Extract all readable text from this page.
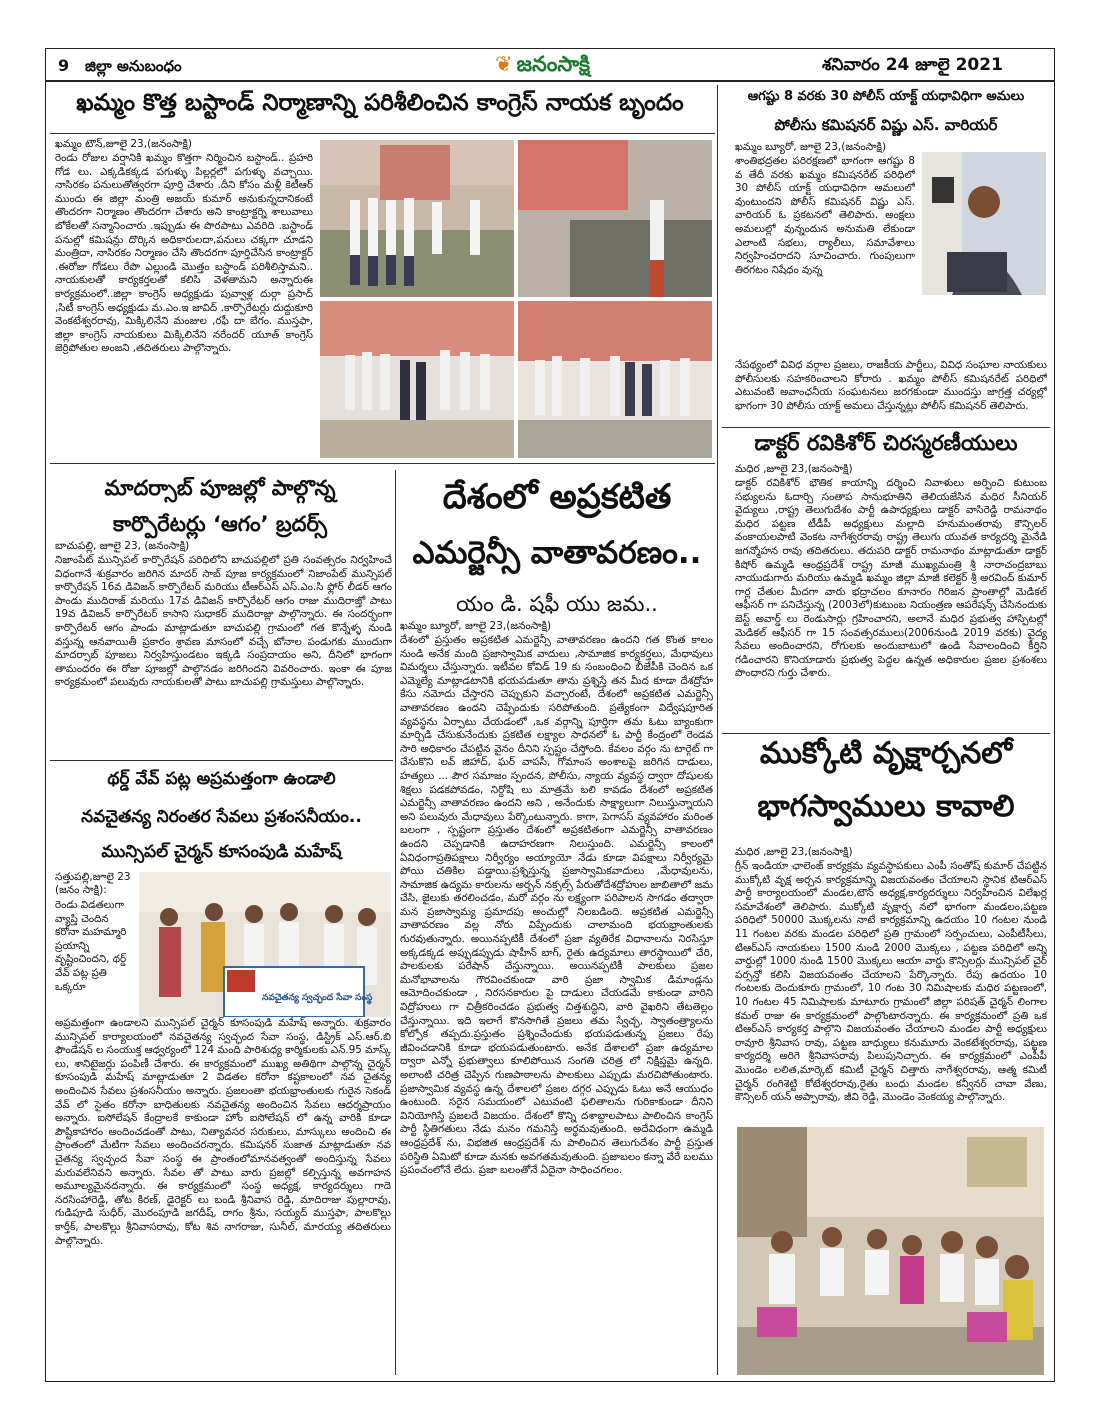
9 జిల్లా అనుబంధం	❦ జనంసాక్షి	శనివారం 24 జూలై 2021
ఖమ్మం కొత్త బస్టాండ్ నిర్మాణాన్ని పరిశీలించిన కాంగ్రెస్ నాయక బృందం
ఖమ్మం టౌన్,జూలై 23,(జనంసాక్షి)
రెండు రోజుల వర్షానికి ఖమ్మం కొత్తగా నిర్మించిన బస్టాండ్.. ప్రహరి గోడ లు. ఎక్కడికక్కడ పగుళ్ళు పిల్లర్లలో పగుళ్ళు వచ్చాయి. నాసిరకం పనులుతోత్వరగా పూర్తి చేశారు .దీని కోసం మళ్లీ కెటీఆర్ ముందు ఈ జిల్లా మంత్రి అజయ్ కుమార్ అనుకున్నదానికంటే తొందరగా నిర్మాణం తొందరగా చేశారు అని కాంట్రాక్టర్ని శాలువాలు బోకేలతో సన్మానించారు .ఇప్పుడు ఈ పొరపాటు ఎవరిది .బస్టాండ్ పనుల్లో కమిషన్లు దొర్కిన అధికారులదా,పనులు చక్కగా చూడని మంత్రిదా, నాసిరకం నిర్మాణం చేసి తొందరగా పూర్తిచేసిన కాంట్రాక్టర్ .ఈరోజు గోడలు రేపొ ఎల్లుండి మొత్తం బస్టాండ్ పరిశీలిస్తామని.. నాయకులతో కార్యకర్తలతో కలిసి వెళతామని అన్నారుఈ కార్యక్రమంలో..జిల్లా కాంగ్రెస్ అధ్యక్షుడు పువ్వాళ్ల దుర్గా ప్రసాద్ ,సిటీ కాంగ్రెస్ అధ్యక్షుడు మ.ఎం.ఇ జావిద్ .కార్పొరేటర్లు దుద్దుకూరి వెంకటేశ్వరరావు, మిక్కిలినేని మంజుల ,రఫీ దా బేగం. ముస్తఫా, జిల్లా కాంగ్రెస్ నాయకులు మిక్కిలినేని నరేందర్ యూత్ కాంగ్రెస్ జెర్రిపోతుల అంజని ,తదితరులు పాల్గొన్నారు.
ఆగష్టు 8 వరకు 30 పోలీస్ యాక్ట్ యధావిధిగా అమలు
పోలీసు కమిషనర్ విష్ణు ఎస్. వారియర్
ఖమ్మం బ్యూరో, జూలై 23,(జనంసాక్షి)
శాంతిభద్రతల పరిరక్షణలో భాగంగా ఆగష్టు 8 వ తేదీ వరకు ఖమ్మం కమిషనరేట్ పరిధిలో 30 పోలీస్ యాక్ట్ యధావిధిగా అమలులో వుంటుందని పోలీస్ కమిషనర్ విష్ణు ఎస్. వారియర్ ఓ ప్రకటనలో తెలిపారు. అంక్షలు అమలుల్లో వున్నందున అనుమతి లేకుండా ఎలాంటి సభలు, ర్యాలీలు, సమావేశాలు నిర్వహించరాదని సూచించారు. గుంపులుగా తిరగటం నిషేధం వున్న
నేపథ్యంలో వివిధ వర్గాల ప్రజలు, రాజకీయ పార్టీలు, వివిధ సంఘాల నాయకులు పోలీసులకు సహకరించాలని కోరారు . ఖమ్మం పోలీస్ కమిషనరేట్ పరిధిలో ఎటువంటి అవాంఛనీయ సంఘటనలు జరగకుండా ముందస్తు జాగ్రత్త చర్యల్లో భాగంగా 30 పోలీసు యాక్ట్ అమలు చేస్తున్నట్లు పోలీస్ కమిషనర్ తెలిపారు.
డాక్టర్ రవికిశోర్ చిరస్మరణీయులు
మధిర ,జూలై 23,(జనంసాక్షి)
డాక్టర్ రవికిశోర్ భౌతిక కాయాన్ని దర్శించి నివాళులు అర్పించి కుటుంబ సభ్యులను ఓదార్చి సంతాప సానుభూతిని తెలియజేసిన మధిర సీనియర్ వైద్యులు ,రాష్ట్ర తెలుగుదేశం పార్టీ ఉపాధ్యక్షులు డాక్టర్ వాసిరెడ్డి రామనాథం మధిర పట్టణ టీడీపీ అధ్యక్షులు మల్లాది హనుమంతరావు కౌన్సిలర్ వంకాయలపాటి వెంకట నాగేశ్వరరావు రాష్ట్ర తెలుగు యువత కార్యదర్శి మైనేడి జగన్మోహన రావు తదితరులు. తదుపరి డాక్టర్ రామనాథం మాట్లాడుతూ డాక్టర్ కిషోర్ ఉమ్మడి ఆంధ్రప్రదేశ్ రాష్ట్ర మాజీ ముఖ్యమంత్రి శ్రీ నారాచంద్రబాబు నాయుడుగారు మరియు ఉమ్మడి ఖమ్మం జిల్లా మాజీ కలెక్టర్ శ్రీ అరవింద్ కుమార్ గార్ల చేతుల మీదగా వారు భద్రాచలం కూనారం గిరిజన ప్రాంతాల్లో మెడికల్ ఆఫీసర్ గా పనిచేస్తున్న (2003లో)కుటుంబ నియంత్రణ ఆపరేషన్స్ చేసినందుకు బెస్ట్ అవార్డ్ లు రెండుసార్లు గ్రహించారని, అలానే మధిర ప్రభుత్వ హాస్పిటల్లో మెడికల్ ఆఫీసర్ గా 15 సంవత్సరములు(2006నుండి 2019 వరకు) వైద్య సేవలు అందించారని, రోగులకు అందుబాటులో ఉండి సేవాలందించి కీర్తిని గడించారని కొనియాడారు ప్రభుత్వ పెద్దల ఉన్నత అధికారుల ప్రజల ప్రశంశలు పొందారని గుర్తు చేశారు.
ముక్కోటి వృక్షార్చనలో
భాగస్వాములు కావాలి
మధిర ,జూలై 23,(జనంసాక్షి)
గ్రీన్ ఇండియా ఛాలెంజ్ కార్యక్రమ వ్యవస్థాపకులు ఎంపీ సంతోష్ కుమార్ చేపట్టిన ముక్కోటి వృక్ష అర్చన కార్యక్రమాన్ని విజయవంతం చేయాలని స్థానిక టిఆర్ఎస్ పార్టీ కార్యాలయంలో మండల,టౌన్ అధ్యక్ష,కార్యదర్శులు నిర్వహించిన విలేఖర్ల సమావేశంలో తెలిపారు. ముక్కోటి వృక్షార్చ నలో భాగంగా మండలం,పట్టణ పరిధిలో 50000 మొక్కలను నాటే కార్యక్రమాన్ని ఉదయం 10 గంటల నుండి 11 గంటల వరకు మండల పరిధిలో ప్రతి గ్రామంలో సర్పంచులు, ఎంపీటీసీలు, టిఆర్ఎస్ నాయకులు 1500 నుండి 2000 మొక్కలు , పట్టణ పరిధిలో అన్ని వార్డుల్లో 1000 నుండి 1500 మొక్కలు ఆయా వార్డు కౌన్సిలర్లు మున్సిపల్ చైర్ పర్సన్తో కలిసి విజయవంతం చేయాలని పేర్కొన్నారు. రేపు ఉదయం 10 గంటలకు దెందుకూరు గ్రామంలో, 10 గంట 30 నిమిషాలకు మధిర పట్టణంలో, 10 గంటల 45 నిమిషాలకు మాటూరు గ్రామంలో జిల్లా పరిషత్ చైర్మన్ లింగాల కమల్ రాజు ఈ కార్యక్రమంలో పాల్గొంటారన్నారు. ఈ కార్యక్రమంలో ప్రతి ఒక టిఆర్ఎస్ కార్యకర్త పాల్గొని విజయవంతం చేయాలని మండల పార్టీ అధ్యక్షులు రావూరి శ్రీనివాస రావు, పట్టణ బాధ్యులు కనుమూరు వెంకటేశ్వరరావు, పట్టణ కార్యదర్శి అరిగె శ్రీనివాసరావు పిలుపునిచ్చారు. ఈ కార్యక్రమంలో ఎంపీపీ మొండెం లలిత,మార్కెట్ కమిటీ చైర్మన్ చిత్తారు నాగేశ్వరరావు, ఆత్మ కమిటీ చైర్మన్ రంగిశెట్టి కోటేశ్వరరావు,రైతు బంధు మండల కన్వీనర్ చావా వేణు, కౌన్సిలర్ యన్ అప్పారావు, జీవి రెడ్డి, మొండెం వెంకయ్య పాల్గొన్నారు.
మాదర్సాబ్ పూజల్లో పాల్గొన్న
కార్పొరేటర్లు ‘ఆగం’ బ్రదర్స్
బాచుపల్లి, జూలై 23, (జనంసాక్షి)
నిజాంపేట్ మున్సిపల్ కార్పొరేషన్ పరిధిలోని బాచుపల్లిలో ప్రతి సంవత్సరం నిర్వహించే విధంగానే శుక్రవారం జరిగిన మాదర్ సాబ్ పూజ కార్యక్రమంలో నిజాంపేట్ మున్సిపల్ కార్పొరేషన్ 16వ డివిజన్ కార్పొరేటర్ మరియు టీఆర్ఎస్ ఎస్.ఎం.సి ఫ్లోర్ లీడర్ ఆగం పాండు ముదిరాజ్ మరియు 17వ డివిజన్ కార్పొరేటర్ ఆగం రాజు ముదిరాజ్తో పాటు 19వ డివిజన్ కార్పొరేటర్ కాసాని సుధాకర్ ముదిరాజ్లు పాల్గొన్నారు. ఈ సందర్భంగా కార్పొరేటర్ ఆగం పాండు మాట్లాడుతూ బాచుపల్లి గ్రామంలో గత కొన్నేళ్ళ నుండి వస్తున్న ఆనవాయితీ ప్రకారం శ్రావణ మాసంలో వచ్చే బోనాల పండుగకు ముందుగా మాదర్సాబ్ పూజలు నిర్వహిస్తుండటం ఇక్కడి సంప్రదాయం అని, దీనిలో భాగంగా తామందరం ఈ రోజు పూజల్లో పాల్గొనడం జరిగిందని వివరించారు. ఇంకా ఈ పూజ కార్యక్రమంలో పలువురు నాయకులతో పాటు బాచుపల్లి గ్రామస్తులు పాల్గొన్నారు.
థర్డ్ వేవ్ పట్ల అప్రమత్తంగా ఉండాలి
నవచైతన్య నిరంతర సేవలు ప్రశంసనీయం..
మున్సిపల్ చైర్మన్ కూసంపుడి మహేష్
సత్తుపల్లి,జూలై 23 (జనం సాక్షి):
రెండు విడతలుగా వ్యాప్తి చెందిన కరోనా మహమ్మారి ప్రయాన్ని వృష్టించిందని, థర్డ్ వేవ్ పట్ల ప్రతి ఒక్కరూ
నవచైతన్య స్వచ్ఛంద సేవా సంస్థ
అప్రమత్తంగా ఉండాలని మున్సిపల్ చైర్మన్ కూసంపుడి మహేష్ అన్నారు. శుక్రవారం మున్సిపల్ కార్యాలయంలో నవచైతన్య స్వచ్ఛంద సేవా సంస్థ, డిస్ట్రిక్ ఎస్.ఆర్.బి ఫౌండేషన్ ల సంయుక్త ఆధ్వర్యంలో 124 మంది పారిశుధ్య కార్మికులకు ఎన్.95 మాస్క్ లు, శానిటైజర్లు పంపిణీ చేశారు. ఈ కార్యక్రమంలో ముఖ్య అతిథిగా పాల్గొన్న చైర్మన్ కూసంపుడి మహేష్ మాట్లాడుతూ 2 విడతల కరోనా కష్టకాలంలో నవ చైతన్య అందించిన సేవలు ప్రశంసనీయం అన్నారు. ప్రజలంతా భయభ్రాంతులకు గురైన సెకండ్ వేవ్ లో సైతం కరోనా బాధితులకు నవచైతన్య అందించిన సేవలు ఆదర్శప్రాయం అన్నారు. ఐసోలేషన్ కేంద్రాలకే కాకుండా హోం ఐసోలేషన్ లో ఉన్న వారికి కూడా పౌష్టికాహారం అందించడంతో పాటు, నిత్యావసర సరుకులు, మాస్కులు అందించి ఈ ప్రాంతంలో మేటిగా సేవలు అందించరన్నారు. కమిషనర్ సుజాత మాట్లాడుతూ నవ చైతన్య స్వచ్ఛంద సేవా సంస్థ ఈ ప్రాంతంలోమానవత్వంతో అందిస్తున్న సేవలు మరువలేనివని అన్నారు. సేవల తో పాటు వారు ప్రజల్లో కల్పిస్తున్న అవగాహన అమూల్యమైనదన్నారు. ఈ కార్యక్రమంలో సంస్థ అధ్యక్ష, కార్యదర్శులు గాదె నరసింహారెడ్డి, తోట కిరణ్, డైరెక్టర్ లు బండి శ్రీనివాస రెడ్డి, మాదిరాజు పుల్లారావు, గుడిపూడి సుధీర్, మొరంపూడి జగదీష్, రాగం శ్రీను, సయ్యద్ ముస్తఫా, పాలకొల్లు కార్తీక్, పాలకొల్లు శ్రీనివాసరావు, కోట శివ నాగరాజు, సునీల్, మారయ్య తదితరులు పాల్గొన్నారు.
దేశంలో అప్రకటిత
ఎమర్జెన్సీ వాతావరణం..
యం డి. షఫీ యు జమ..
ఖమ్మం బ్యూరో, జూలై 23,(జనంసాక్షి)
దేశంలో ప్రస్తుతం అప్రకటిత ఎమర్జెన్సీ వాతావరణం ఉందని గత కొంత కాలం నుండి అనేక మంది ప్రజాస్వామిక వాదులు ,సామాజిక కార్యకర్తలు, మేధావులు విమర్శలు చేస్తున్నారు. ఇటీవల కోవిడ్ 19 కు సంబంధించి బీజేపీకి చెందిన ఒక ఎమ్మెల్యే మాట్లాడటానికి భయపడుతూ తాను ప్రశ్నిస్తే తన మీద కూడా దేశద్రోహ కేసు నమోదు చేస్తారని చెప్పుకుని వచ్చారంటే, దేశంలో అప్రకటిత ఎమర్జెన్సీ వాతావరణం ఉందని చెప్పేందుకు సరిపోతుంది. ప్రత్యేకంగా విద్వేషపూరిత వ్యవస్థను ఏర్పాటు చేయడంలో ,ఒక వర్గాన్ని పూర్తిగా తమ ఓటు బ్యాంకుగా మార్చిడి చేసుకునేందుకు ప్రకటిత లక్ష్యాల సాధనలో ఓ పార్టీ కేంద్రంలో రెండవ సారి అధికారం చేపట్టిన వైనం దీనిని స్పష్టం చేస్తోంది. కేవలం వర్గం ను టార్గెట్ గా చేసుకొని లవ్ జిహాద్, ఘర్ వాపసీ, గోమాంస అంశాలపై జరిగిన దాడులు, హత్యలు ... పౌర సమాజం స్పందన, పోలీసు, న్యాయ వ్యవస్థ ద్వారా దోషులకు శిక్షలు పడకపోవడం, నిర్దోషి లు మాత్రమే బలి కావడం దేశంలో అప్రకటిత ఎమర్జెన్సీ వాతావరణం ఉందని అని , అనేందుకు సాక్ష్యాలుగా నిలుస్తున్నాయని అని పలువురు మేధావులు పేర్కొంటున్నారు. కాగా, పెగాసస్ వ్యవహారం మరింత బలంగా , స్పష్టంగా ప్రస్తుతం దేశంలో అప్రకటితంగా ఎమర్జెన్సీ వాతావరణం ఉందని చెప్పడానికి ఉదాహరణగా నిలుస్తుంది. ఎమర్జెన్సీ కాలంలో ఏవిధంగాప్రతిపక్షాలు నిర్వీర్యం అయ్యాయో నేడు కూడా విపక్షాలు నిర్వీర్యమై పోయి చతికిల పడ్డాయి.ప్రశ్నిస్తున్న ప్రజాస్వామికవాదులు ,మేధావులను, సామాజిక ఉద్యమ కారులను అర్బన్ నక్సల్స్ పేరుతోదేశద్రోహుల జాబితాలో జమ చేసి, జైలుకు తరలించడం, మరో వర్గం ను లక్ష్యంగా పరిపాలన సాగడం తద్వారా మన ప్రజాస్వామ్య ప్రమాదపు అంచుల్లో నిలబడింది. అప్రకటిత ఎమర్జెన్సీ వాతావరణం వల్ల నోరు విప్పేందుకు చాలామంది భయభ్రాంతులకు గురవుతున్నారు. అయినప్పటికీ దేశంలో ప్రజా వ్యతిరేక విధానాలను నిరసిస్తూ అక్కడక్కడ అప్పుడప్పుడు షాహీన్ బాగ్, రైతు ఉద్యమాలు తారస్థాయిలో చేరి, పాలకులకు పరేషాన్ చేస్తున్నాయి. అయినప్పటికీ పాలకులు ప్రజల మనోభావాలను గౌరవించకుండా వారి ప్రజా స్వామిక డిమాండ్లను ఆమోదించకుండా , నిరసనకారుల పై దాడులు చేయడమే కాకుండా వారిని విద్రోహులు గా చిత్రీకరించడం ప్రభుత్వ చిత్తశుద్ధిని, వారి వైఖరిని తేటతెల్లం చేస్తున్నాయి. ఇది ఇలాగే కొనసాగితే ప్రజలు తమ స్వేచ్ఛ, స్వాతంత్ర్యాలను కోల్పోక తప్పదు.ప్రస్తుతం ప్రశ్నించేందుకు భయపడుతున్న ప్రజలు రేపు జీవించడానికి కూడా భయపడుతుంటారు. అనేక దేశాలలో ప్రజా ఉద్యమాల ద్వారా ఎన్నో ప్రభుత్వాలు కూలిపోయిన సంగతి చరిత్ర లో నిక్షిప్తమై ఉన్నది. అలాంటి చరిత్ర చెప్పిన గుణపాఠాలను పాలకులు ఎప్పుడు మరచిపోతుంటారు. ప్రజాస్వామిక వ్యవస్థ ఉన్న దేశాలలో ప్రజల దగ్గర ఎప్పుడు ఓటు అనే ఆయుధం ఉంటుంది. సరైన సమయంలో ఎటువంటి ఫలితాలను గురికాకుండా దీనిని వినియోగిస్తే ప్రజలదే విజయం. దేశంలో కొన్ని దశాబ్దాలపాటు పాలించిన కాంగ్రెస్ పార్టీ స్థితిగతులు నేడు మనం గమనిస్తే అర్థమవుతుంది. అదేవిధంగా ఉమ్మడి ఆంధ్రప్రదేశ్ ను, విభజిత ఆంధ్రప్రదేశ్ ను పాలించిన తెలుగుదేశం పార్టీ ప్రస్తుత పరిస్థితి ఏమిటో కూడా మనకు అవగతమవుతుంది. ప్రజాబలం కన్నా వేరే బలము ప్రపంచంలోనే లేదు. ప్రజా బలంతోనే ఏదైనా సాధించగలం.
